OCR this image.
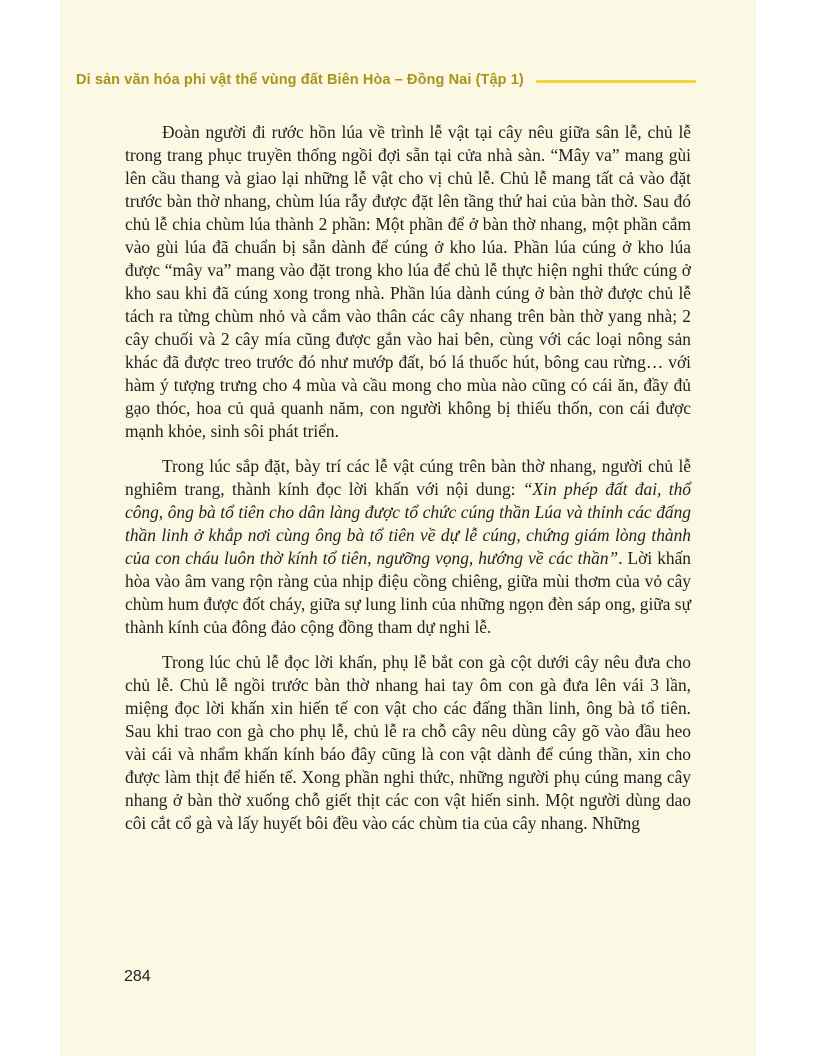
Di sản văn hóa phi vật thể vùng đất Biên Hòa – Đồng Nai (Tập 1)

Đoàn người đi rước hồn lúa về trình lễ vật tại cây nêu giữa sân lễ, chủ lễ trong trang phục truyền thống ngồi đợi sẵn tại cửa nhà sàn. “Mây va” mang gùi lên cầu thang và giao lại những lễ vật cho vị chủ lễ. Chủ lễ mang tất cả vào đặt trước bàn thờ nhang, chùm lúa rẫy được đặt lên tầng thứ hai của bàn thờ. Sau đó chủ lễ chia chùm lúa thành 2 phần: Một phần để ở bàn thờ nhang, một phần cắm vào gùi lúa đã chuẩn bị sẵn dành để cúng ở kho lúa. Phần lúa cúng ở kho lúa được “mây va” mang vào đặt trong kho lúa để chủ lễ thực hiện nghi thức cúng ở kho sau khi đã cúng xong trong nhà. Phần lúa dành cúng ở bàn thờ được chủ lễ tách ra từng chùm nhỏ và cắm vào thân các cây nhang trên bàn thờ yang nhà; 2 cây chuối và 2 cây mía cũng được gắn vào hai bên, cùng với các loại nông sản khác đã được treo trước đó như mướp đất, bó lá thuốc hút, bông cau rừng… với hàm ý tượng trưng cho 4 mùa và cầu mong cho mùa nào cũng có cái ăn, đầy đủ gạo thóc, hoa củ quả quanh năm, con người không bị thiếu thốn, con cái được mạnh khỏe, sinh sôi phát triển.

Trong lúc sắp đặt, bày trí các lễ vật cúng trên bàn thờ nhang, người chủ lễ nghiêm trang, thành kính đọc lời khấn với nội dung: “Xin phép đất đai, thổ công, ông bà tổ tiên cho dân làng được tổ chức cúng thần Lúa và thỉnh các đấng thần linh ở khắp nơi cùng ông bà tổ tiên về dự lễ cúng, chứng giám lòng thành của con cháu luôn thờ kính tổ tiên, ngưỡng vọng, hướng về các thần”. Lời khấn hòa vào âm vang rộn ràng của nhịp điệu cồng chiêng, giữa mùi thơm của vỏ cây chùm hum được đốt cháy, giữa sự lung linh của những ngọn đèn sáp ong, giữa sự thành kính của đông đảo cộng đồng tham dự nghi lễ.

Trong lúc chủ lễ đọc lời khấn, phụ lễ bắt con gà cột dưới cây nêu đưa cho chủ lễ. Chủ lễ ngồi trước bàn thờ nhang hai tay ôm con gà đưa lên vái 3 lần, miệng đọc lời khấn xin hiến tế con vật cho các đấng thần linh, ông bà tổ tiên. Sau khi trao con gà cho phụ lễ, chủ lễ ra chỗ cây nêu dùng cây gõ vào đầu heo vài cái và nhẩm khấn kính báo đây cũng là con vật dành để cúng thần, xin cho được làm thịt để hiến tế. Xong phần nghi thức, những người phụ cúng mang cây nhang ở bàn thờ xuống chỗ giết thịt các con vật hiến sinh. Một người dùng dao côi cắt cổ gà và lấy huyết bôi đều vào các chùm tia của cây nhang. Những

284
